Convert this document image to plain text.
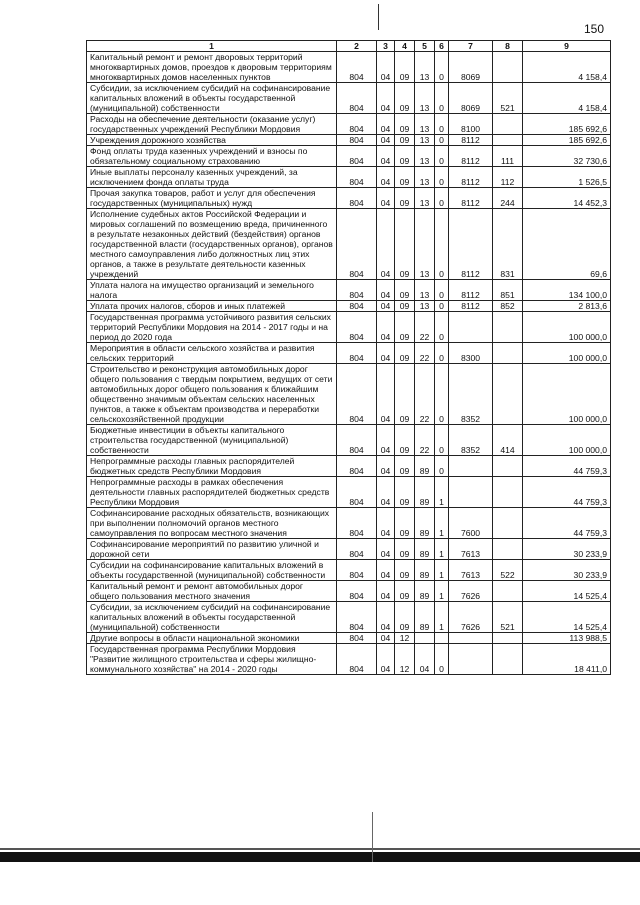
150
1	2	3	4	5	6	7	8	9
Капитальный ремонт и ремонт дворовых территорий многоквартирных домов, проездов к дворовым территориям многоквартирных домов населенных пунктов	804	04	09	13	0	8069		4 158,4
Субсидии, за исключением субсидий на софинансирование капитальных вложений в объекты государственной (муниципальной) собственности	804	04	09	13	0	8069	521	4 158,4
Расходы на обеспечение деятельности (оказание услуг) государственных учреждений Республики Мордовия	804	04	09	13	0	8100		185 692,6
Учреждения дорожного хозяйства	804	04	09	13	0	8112		185 692,6
Фонд оплаты труда казенных учреждений и взносы по обязательному социальному страхованию	804	04	09	13	0	8112	111	32 730,6
Иные выплаты персоналу казенных учреждений, за исключением фонда оплаты труда	804	04	09	13	0	8112	112	1 526,5
Прочая закупка товаров, работ и услуг для обеспечения государственных (муниципальных) нужд	804	04	09	13	0	8112	244	14 452,3
Исполнение судебных актов Российской Федерации и мировых соглашений по возмещению вреда, причиненного в результате незаконных действий (бездействия) органов государственной власти (государственных органов), органов местного самоуправления либо должностных лиц этих органов, а также в результате деятельности казенных учреждений	804	04	09	13	0	8112	831	69,6
Уплата налога на имущество организаций и земельного налога	804	04	09	13	0	8112	851	134 100,0
Уплата прочих налогов, сборов и иных платежей	804	04	09	13	0	8112	852	2 813,6
Государственная программа устойчивого развития сельских территорий Республики Мордовия на 2014 - 2017 годы и на период до 2020 года	804	04	09	22	0			100 000,0
Мероприятия в области сельского хозяйства и развития сельских территорий	804	04	09	22	0	8300		100 000,0
Строительство и реконструкция автомобильных дорог общего пользования с твердым покрытием, ведущих от сети автомобильных дорог общего пользования к ближайшим общественно значимым объектам сельских населенных пунктов, а также к объектам производства и переработки сельскохозяйственной продукции	804	04	09	22	0	8352		100 000,0
Бюджетные инвестиции в объекты капитального строительства государственной (муниципальной) собственности	804	04	09	22	0	8352	414	100 000,0
Непрограммные расходы главных распорядителей бюджетных средств Республики Мордовия	804	04	09	89	0			44 759,3
Непрограммные расходы в рамках обеспечения деятельности главных распорядителей бюджетных средств Республики Мордовия	804	04	09	89	1			44 759,3
Софинансирование расходных обязательств, возникающих при выполнении полномочий органов местного самоуправления по вопросам местного значения	804	04	09	89	1	7600		44 759,3
Софинансирование мероприятий по развитию уличной и дорожной сети	804	04	09	89	1	7613		30 233,9
Субсидии на софинансирование капитальных вложений в объекты государственной (муниципальной) собственности	804	04	09	89	1	7613	522	30 233,9
Капитальный ремонт и ремонт автомобильных дорог общего пользования местного значения	804	04	09	89	1	7626		14 525,4
Субсидии, за исключением субсидий на софинансирование капитальных вложений в объекты государственной (муниципальной) собственности	804	04	09	89	1	7626	521	14 525,4
Другие вопросы в области национальной экономики	804	04	12					113 988,5
Государственная программа Республики Мордовия "Развитие жилищного строительства и сферы жилищно-коммунального хозяйства" на 2014 - 2020 годы	804	04	12	04	0			18 411,0
